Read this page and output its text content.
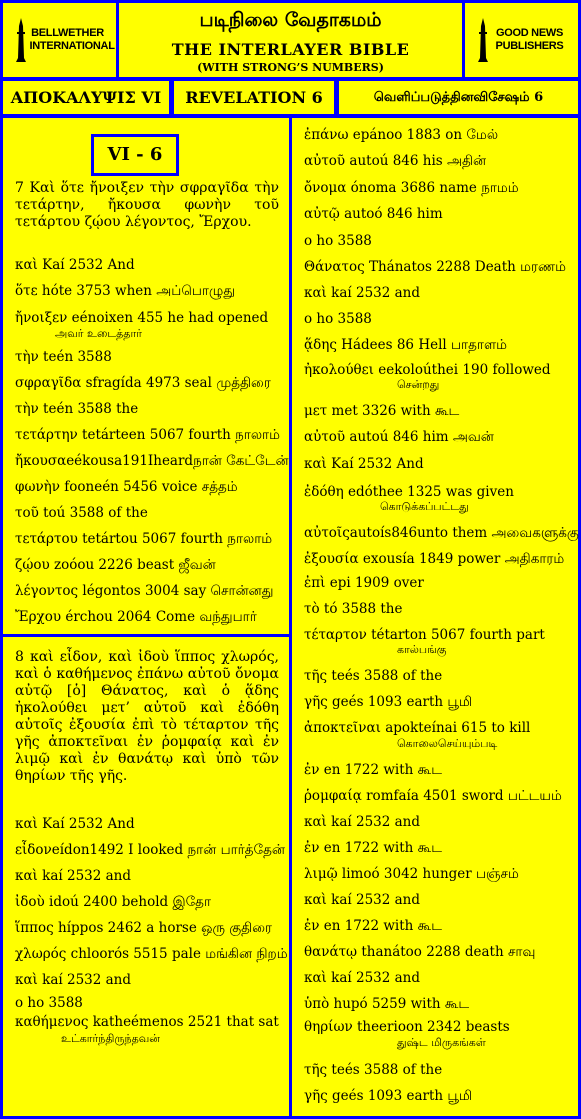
BELLWETHER INTERNATIONAL
படிநிலை வேதாகமம்
THE INTERLAYER BIBLE
(WITH STRONG’S NUMBERS)
GOOD NEWS PUBLISHERS
ΑΠΟΚΑΛΥΨΙΣ VI	REVELATION 6	வெளிப்படுத்தினவிசேஷம் 6
VI - 6
7 Καὶ ὅτε ἤνοιξεν τὴν σφραγῖδα τὴν τετάρτην, ἤκουσα φωνὴν τοῦ τετάρτου ζῴου λέγοντος, Ἔρχου.
καὶ Kaí 2532 And
ὅτε hóte 3753 when அப்பொழுது
ἤνοιξεν eénoixen 455 he had opened
அவர் உடைத்தார்
τὴν teén 3588
σφραγῖδα sfragída 4973 seal முத்திரை
τὴν teén 3588 the
τετάρτην tetárteen 5067 fourth நாலாம்
ἤκουσαeékousa191Iheardநான் கேட்டேன்
φωνὴν fooneén 5456 voice சத்தம்
τοῦ toú 3588 of the
τετάρτου tetártou 5067 fourth நாலாம்
ζῴου zoóou 2226 beast ஜீவன்
λέγοντος légontos 3004 say சொன்னது
Ἔρχου érchou 2064 Come வந்துபார்
8 καὶ εἶδον, καὶ ἰδοὺ ἵππος χλωρός, καὶ ὁ καθήμενος ἐπάνω αὐτοῦ ὄνομα αὐτῷ [ὁ] Θάνατος, καὶ ὁ ᾅδης ἠκολούθει μετ’ αὐτοῦ καὶ ἐδόθη αὐτοῖς ἐξουσία ἐπὶ τὸ τέταρτον τῆς γῆς ἀποκτεῖναι ἐν ῥομφαίᾳ καὶ ἐν λιμῷ καὶ ἐν θανάτῳ καὶ ὑπὸ τῶν θηρίων τῆς γῆς.
καὶ Kaí 2532 And
εἶδονeídon1492 I looked நான் பார்த்தேன்
καὶ kaí 2532 and
ἰδοὺ idoú 2400 behold இதோ
ἵππος híppos 2462 a horse ஒரு குதிரை
χλωρός chloorós 5515 pale மங்கின நிறம்
καὶ kaí 2532 and
ο ho 3588
καθήμενος katheémenos 2521 that sat
உட்கார்ந்திருந்தவன்
ἐπάνω epánoo 1883 on மேல்
αὐτοῦ autoú 846 his அதின்
ὄνομα ónoma 3686 name நாமம்
αὐτῷ autoó 846 him
ο ho 3588
Θάνατος Thánatos 2288 Death மரணம்
καὶ kaí 2532 and
ο ho 3588
ᾅδης Hádees 86 Hell பாதாளம்
ἠκολούθει eekoloúthei 190 followed
சென்றது
μετ met 3326 with கூட
αὐτοῦ autoú 846 him அவன்
καὶ Kaí 2532 And
ἐδόθη edóthee 1325 was given
கொடுக்கப்பட்டது
αὐτοῖςautoís846unto them அவைகளுக்கு
ἐξουσία exousía 1849 power அதிகாரம்
ἐπὶ epi 1909 over
τὸ tó 3588 the
τέταρτον tétarton 5067 fourth part
கால்பங்கு
τῆς teés 3588 of the
γῆς geés 1093 earth பூமி
ἀποκτεῖναι apokteínai 615 to kill
கொலைசெய்யும்படி
ἐν en 1722 with கூட
ῥομφαίᾳ romfaía 4501 sword பட்டயம்
καὶ kaí 2532 and
ἐν en 1722 with கூட
λιμῷ limoó 3042 hunger பஞ்சம்
καὶ kaí 2532 and
ἐν en 1722 with கூட
θανάτῳ thanátoo 2288 death சாவு
καὶ kaí 2532 and
ὑπὸ hupó 5259 with கூட
θηρίων theerioon 2342 beasts
துஷ்ட மிருகங்கள்
τῆς teés 3588 of the
γῆς geés 1093 earth பூமி
